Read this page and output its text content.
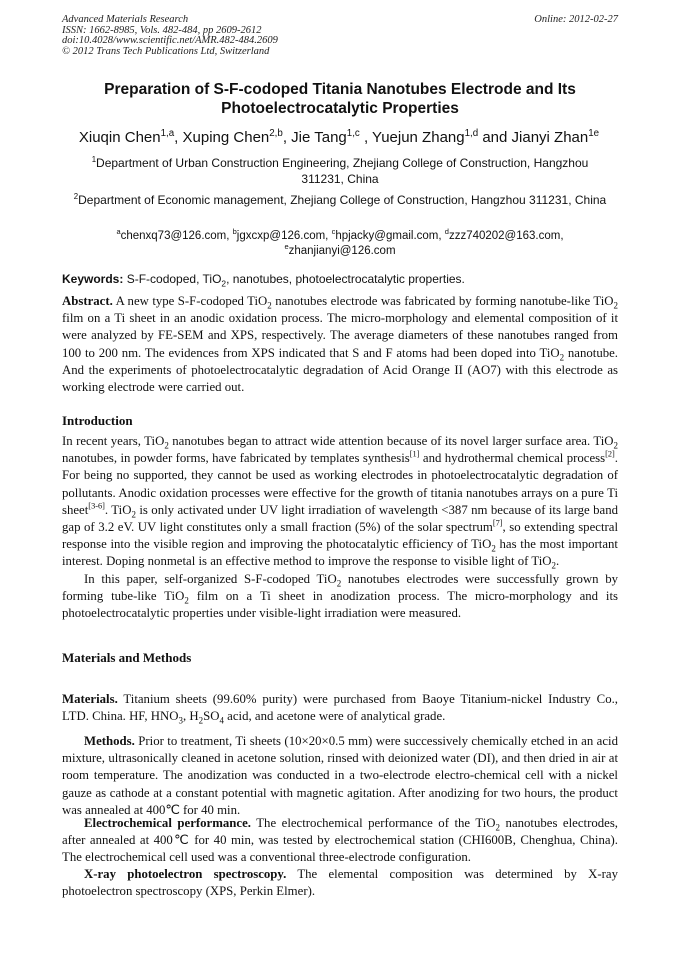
Advanced Materials Research	Online: 2012-02-27
ISSN: 1662-8985, Vols. 482-484, pp 2609-2612
doi:10.4028/www.scientific.net/AMR.482-484.2609
© 2012 Trans Tech Publications Ltd, Switzerland
Preparation of S-F-codoped Titania Nanotubes Electrode and Its
Photoelectrocatalytic Properties
Xiuqin Chen$^{1,a}$, Xuping Chen$^{2,b}$, Jie Tang$^{1,c}$ , Yuejun Zhang$^{1,d}$ and Jianyi Zhan$^{1e}$
$^1$Department of Urban Construction Engineering, Zhejiang College of Construction, Hangzhou 311231, China
$^2$Department of Economic management, Zhejiang College of Construction, Hangzhou 311231, China
$^a$chenxq73@126.com, $^b$jgxcxp@126.com, $^c$hpjacky@gmail.com, $^d$zzz740202@163.com,
$^e$zhanjianyi@126.com
Keywords: S-F-codoped, TiO$_2$, nanotubes, photoelectrocatalytic properties.
Abstract. A new type S-F-codoped TiO$_2$ nanotubes electrode was fabricated by forming nanotube-like TiO$_2$ film on a Ti sheet in an anodic oxidation process. The micro-morphology and elemental composition of it were analyzed by FE-SEM and XPS, respectively. The average diameters of these nanotubes ranged from 100 to 200 nm. The evidences from XPS indicated that S and F atoms had been doped into TiO$_2$ nanotube. And the experiments of photoelectrocatalytic degradation of Acid Orange II (AO7) with this electrode as working electrode were carried out.
Introduction

In recent years, TiO$_2$ nanotubes began to attract wide attention because of its novel larger surface area. TiO$_2$ nanotubes, in powder forms, have fabricated by templates synthesis[1] and hydrothermal chemical process[2]. For being no supported, they cannot be used as working electrodes in photoelectrocatalytic degradation of pollutants. Anodic oxidation processes were effective for the growth of titania nanotubes arrays on a pure Ti sheet[3-6]. TiO$_2$ is only activated under UV light irradiation of wavelength <387 nm because of its large band gap of 3.2 eV. UV light constitutes only a small fraction (5%) of the solar spectrum[7], so extending spectral response into the visible region and improving the photocatalytic efficiency of TiO$_2$ has the most important interest. Doping nonmetal is an effective method to improve the response to visible light of TiO$_2$.

In this paper, self-organized S-F-codoped TiO$_2$ nanotubes electrodes were successfully grown by forming tube-like TiO$_2$ film on a Ti sheet in anodization process. The micro-morphology and its photoelectrocatalytic properties under visible-light irradiation were measured.

Materials and Methods
Materials. Titanium sheets (99.60% purity) were purchased from Baoye Titanium-nickel Industry Co., LTD. China. HF, $HNO_3$, $H_2SO_4$ acid, and acetone were of analytical grade.
Methods. Prior to treatment, Ti sheets (10×20×0.5 mm) were successively chemically etched in an acid mixture, ultrasonically cleaned in acetone solution, rinsed with deionized water (DI), and then dried in air at room temperature. The anodization was conducted in a two-electrode electro-chemical cell with a nickel gauze as cathode at a constant potential with magnetic agitation. After anodizing for two hours, the product was annealed at 400℃ for 40 min.
Electrochemical performance. The electrochemical performance of the TiO$_2$ nanotubes electrodes, after annealed at 400℃ for 40 min, was tested by electrochemical station (CHI600B, Chenghua, China). The electrochemical cell used was a conventional three-electrode configuration.
X-ray photoelectron spectroscopy. The elemental composition was determined by X-ray photoelectron spectroscopy (XPS, Perkin Elmer).
